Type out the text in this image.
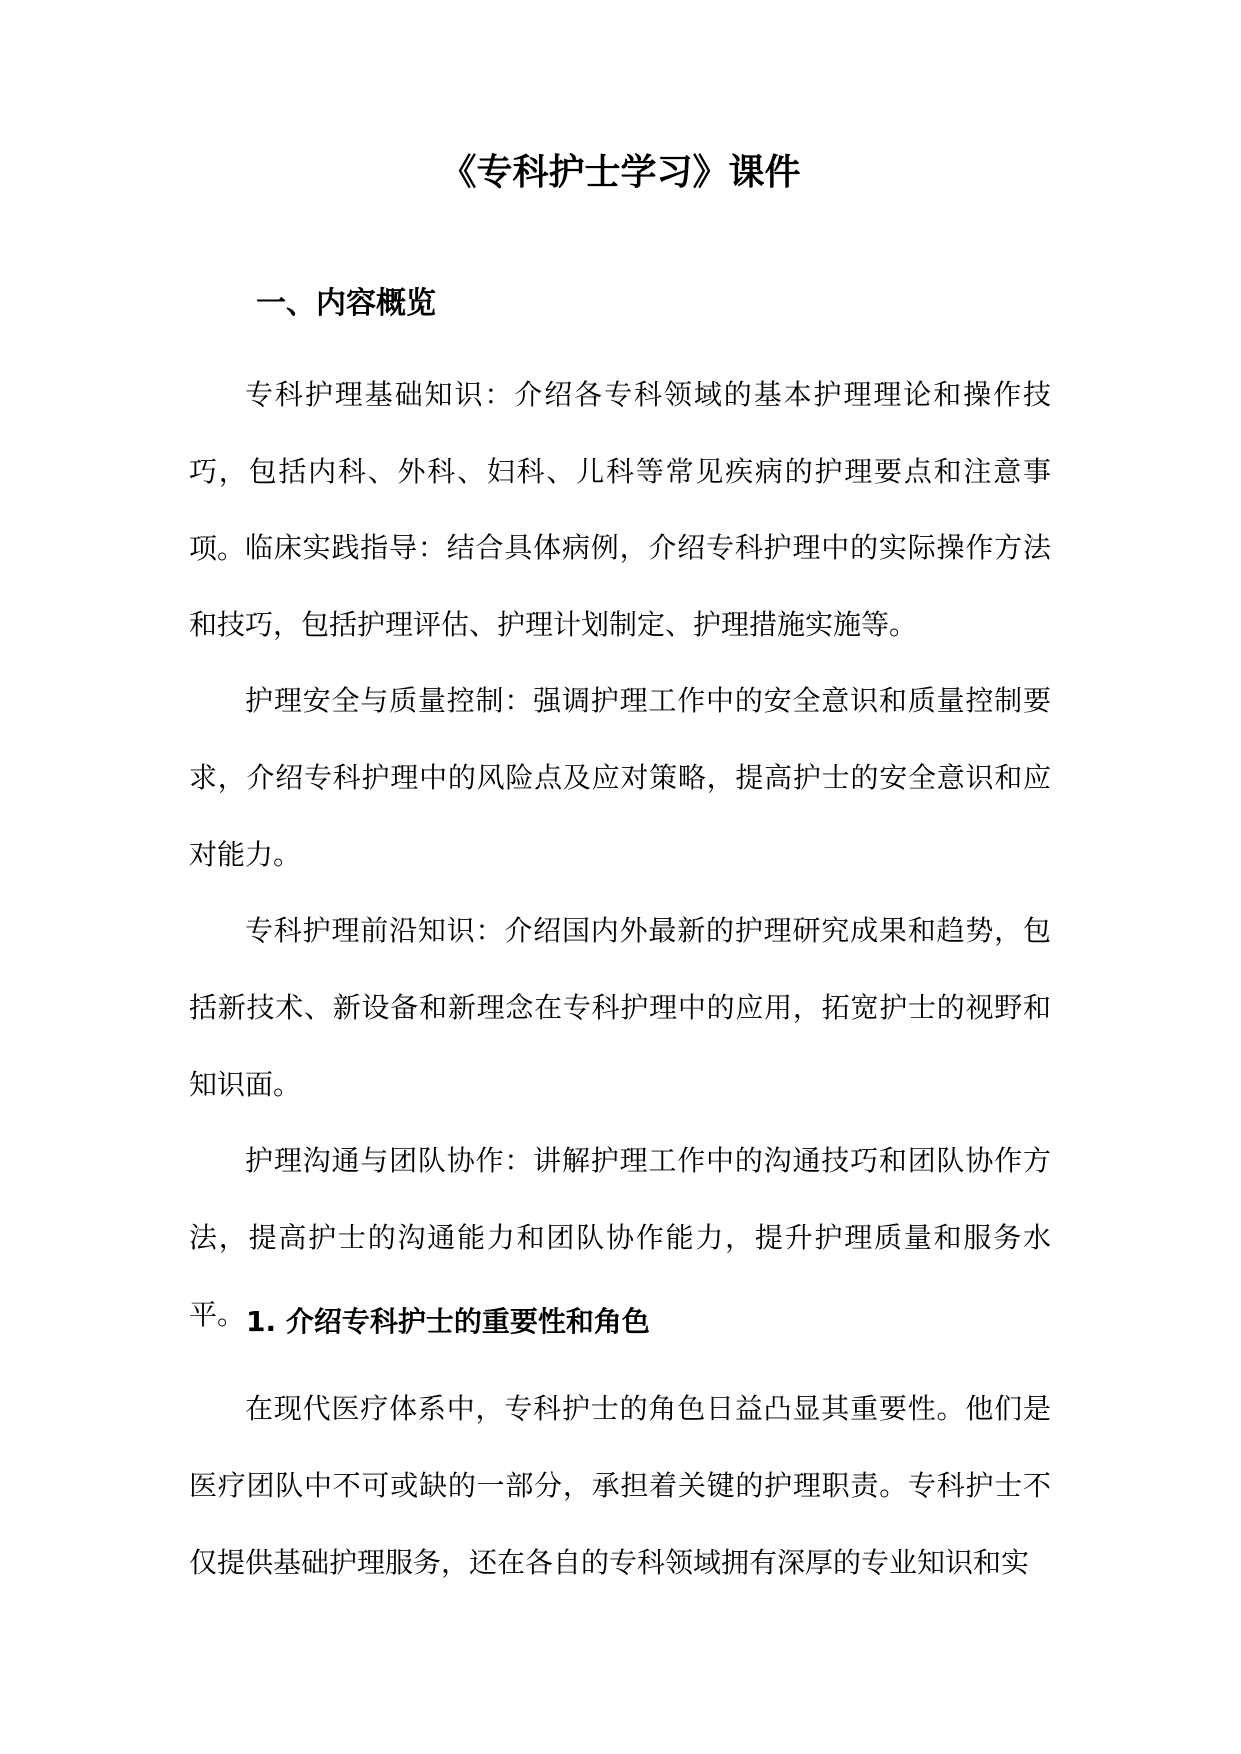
《专科护士学习》课件
一、内容概览

专科护理基础知识：介绍各专科领域的基本护理理论和操作技巧，包括内科、外科、妇科、儿科等常见疾病的护理要点和注意事项。 临床实践指导：结合具体病例，介绍专科护理中的实际操作方法和技巧，包括护理评估、护理计划制定、护理措施实施等。

护理安全与质量控制：强调护理工作中的安全意识和质量控制要求，介绍专科护理中的风险点及应对策略，提高护士的安全意识和应对能力。

专科护理前沿知识：介绍国内外最新的护理研究成果和趋势，包括新技术、新设备和新理念在专科护理中的应用，拓宽护士的视野和知识面。

护理沟通与团队协作：讲解护理工作中的沟通技巧和团队协作方法，提高护士的沟通能力和团队协作能力，提升护理质量和服务水平。 1. 介绍专科护士的重要性和角色

在现代医疗体系中，专科护士的角色日益凸显其重要性。他们是医疗团队中不可或缺的一部分，承担着关键的护理职责。专科护士不仅提供基础护理服务，还在各自的专科领域拥有深厚的专业知识和实
